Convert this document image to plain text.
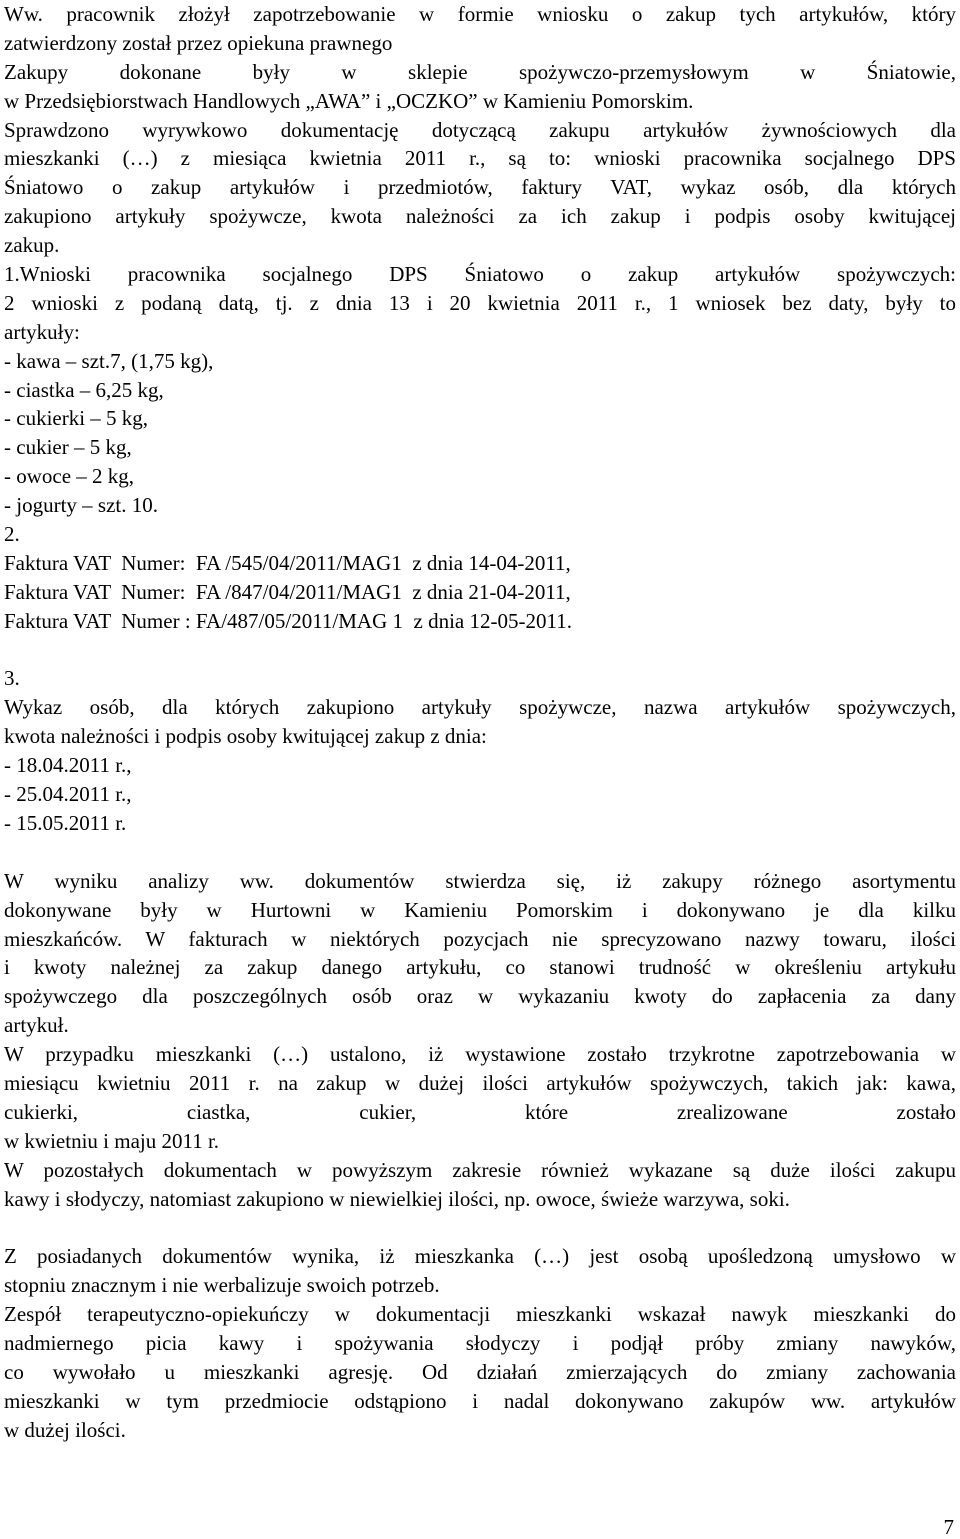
Ww. pracownik złożył zapotrzebowanie w formie wniosku o zakup tych artykułów, który
zatwierdzony został przez opiekuna prawnego
Zakupy dokonane były w sklepie spożywczo-przemysłowym w Śniatowie,
w Przedsiębiorstwach Handlowych „AWA” i „OCZKO” w Kamieniu Pomorskim.
Sprawdzono wyrywkowo dokumentację dotyczącą zakupu artykułów żywnościowych dla
mieszkanki (…) z miesiąca kwietnia 2011 r., są to: wnioski pracownika socjalnego DPS
Śniatowo o zakup artykułów i przedmiotów, faktury VAT, wykaz osób, dla których
zakupiono artykuły spożywcze, kwota należności za ich zakup i podpis osoby kwitującej
zakup.
1.Wnioski pracownika socjalnego DPS Śniatowo o zakup artykułów spożywczych:
2 wnioski z podaną datą, tj. z dnia 13 i 20 kwietnia 2011 r., 1 wniosek bez daty, były to
artykuły:
- kawa – szt.7, (1,75 kg),
- ciastka – 6,25 kg,
- cukierki – 5 kg,
- cukier – 5 kg,
- owoce – 2 kg,
- jogurty – szt. 10.
2.
Faktura VAT  Numer:  FA /545/04/2011/MAG1  z dnia 14-04-2011,
Faktura VAT  Numer:  FA /847/04/2011/MAG1  z dnia 21-04-2011,
Faktura VAT  Numer : FA/487/05/2011/MAG 1  z dnia 12-05-2011.
3.
Wykaz osób, dla których zakupiono artykuły spożywcze, nazwa artykułów spożywczych,
kwota należności i podpis osoby kwitującej zakup z dnia:
- 18.04.2011 r.,
- 25.04.2011 r.,
- 15.05.2011 r.
W wyniku analizy ww. dokumentów stwierdza się, iż zakupy różnego asortymentu
dokonywane były w Hurtowni w Kamieniu Pomorskim i dokonywano je dla kilku
mieszkańców. W fakturach w niektórych pozycjach nie sprecyzowano nazwy towaru, ilości
i kwoty należnej za zakup danego artykułu, co stanowi trudność w określeniu artykułu
spożywczego dla poszczególnych osób oraz w wykazaniu kwoty do zapłacenia za dany
artykuł.
W przypadku mieszkanki (…) ustalono, iż wystawione zostało trzykrotne zapotrzebowania w
miesiącu kwietniu 2011 r. na zakup w dużej ilości artykułów spożywczych, takich jak: kawa,
cukierki, ciastka, cukier, które zrealizowane zostało
w kwietniu i maju 2011 r.
W pozostałych dokumentach w powyższym zakresie również wykazane są duże ilości zakupu
kawy i słodyczy, natomiast zakupiono w niewielkiej ilości, np. owoce, świeże warzywa, soki.
Z posiadanych dokumentów wynika, iż mieszkanka (…) jest osobą upośledzoną umysłowo w
stopniu znacznym i nie werbalizuje swoich potrzeb.
Zespół terapeutyczno-opiekuńczy w dokumentacji mieszkanki wskazał nawyk mieszkanki do
nadmiernego picia kawy i spożywania słodyczy i podjął próby zmiany nawyków,
co wywołało u mieszkanki agresję. Od działań zmierzających do zmiany zachowania
mieszkanki w tym przedmiocie odstąpiono i nadal dokonywano zakupów ww. artykułów
w dużej ilości.
7
